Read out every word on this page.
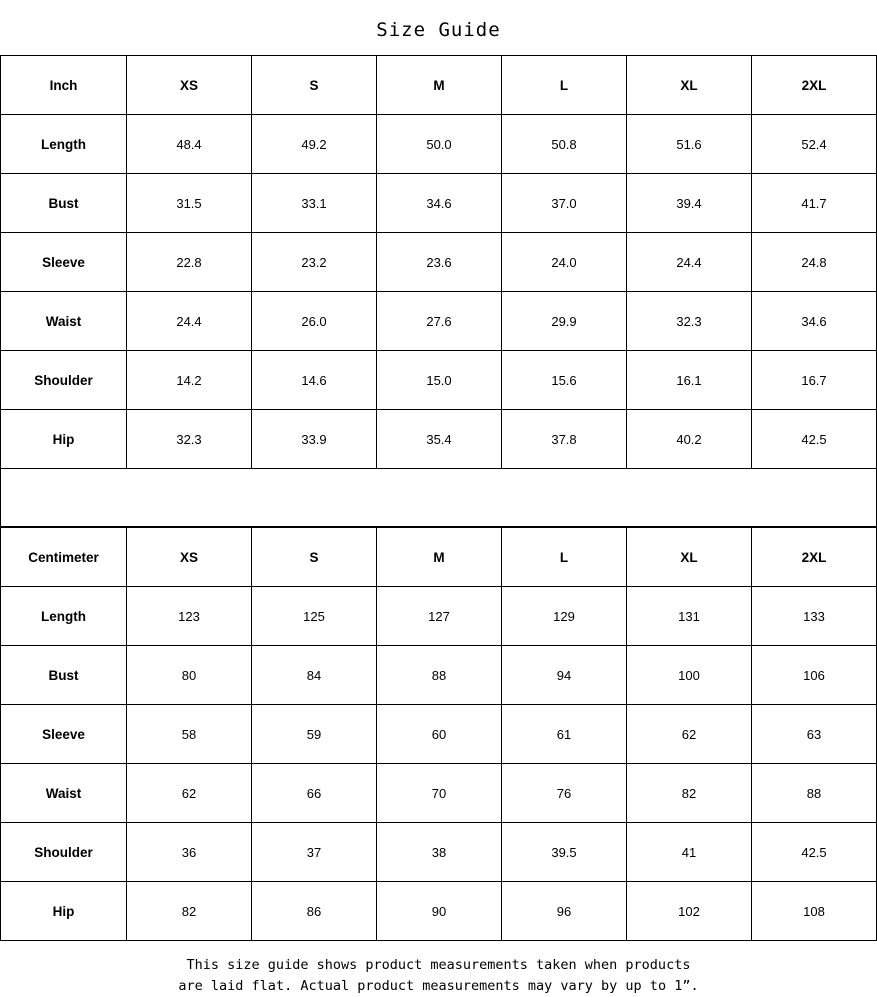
Size Guide
Inch	XS	S	M	L	XL	2XL
Length	48.4	49.2	50.0	50.8	51.6	52.4
Bust	31.5	33.1	34.6	37.0	39.4	41.7
Sleeve	22.8	23.2	23.6	24.0	24.4	24.8
Waist	24.4	26.0	27.6	29.9	32.3	34.6
Shoulder	14.2	14.6	15.0	15.6	16.1	16.7
Hip	32.3	33.9	35.4	37.8	40.2	42.5
Centimeter	XS	S	M	L	XL	2XL
Length	123	125	127	129	131	133
Bust	80	84	88	94	100	106
Sleeve	58	59	60	61	62	63
Waist	62	66	70	76	82	88
Shoulder	36	37	38	39.5	41	42.5
Hip	82	86	90	96	102	108
This size guide shows product measurements taken when products
are laid flat. Actual product measurements may vary by up to 1”.
